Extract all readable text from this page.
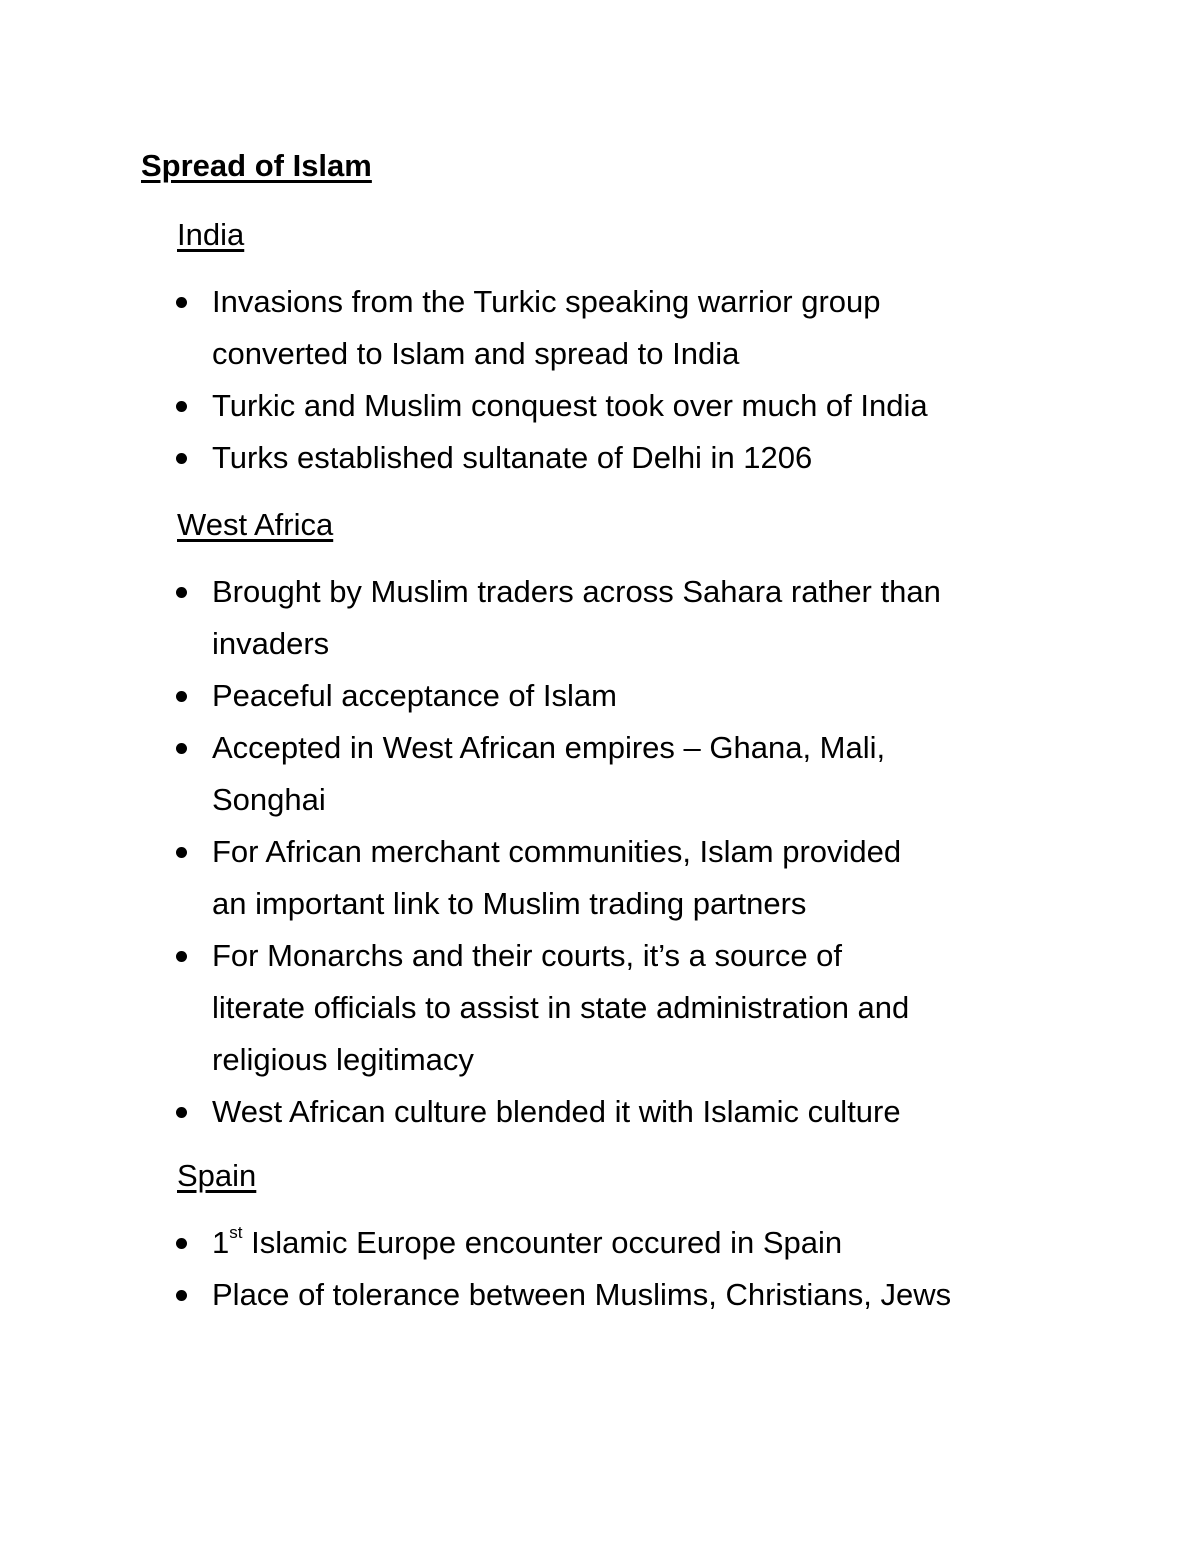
Spread of Islam
India
Invasions from the Turkic speaking warrior group
converted to Islam and spread to India
Turkic and Muslim conquest took over much of India
Turks established sultanate of Delhi in 1206
West Africa
Brought by Muslim traders across Sahara rather than
invaders
Peaceful acceptance of Islam
Accepted in West African empires – Ghana, Mali,
Songhai
For African merchant communities, Islam provided
an important link to Muslim trading partners
For Monarchs and their courts, it’s a source of
literate officials to assist in state administration and
religious legitimacy
West African culture blended it with Islamic culture
Spain
1st Islamic Europe encounter occured in Spain
Place of tolerance between Muslims, Christians, Jews
